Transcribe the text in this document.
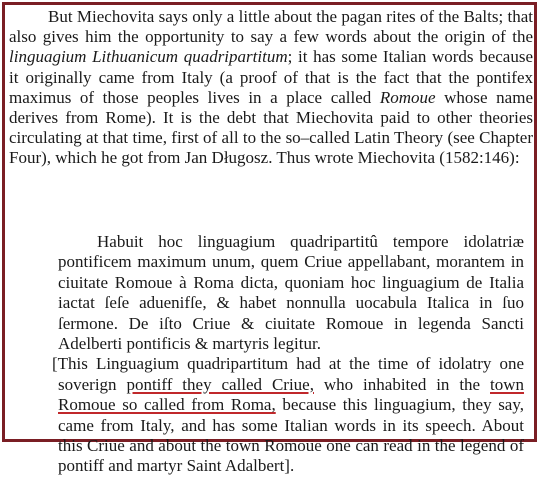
But Miechovita says only a little about the pagan rites of the Balts; that also gives him the opportunity to say a few words about the origin of the linguagium Lithuanicum quadripartitum; it has some Italian words because it originally came from Italy (a proof of that is the fact that the pontifex maximus of those peoples lives in a place called Romoue whose name derives from Rome). It is the debt that Miechovita paid to other theories circulating at that time, first of all to the so–called Latin Theory (see Chapter Four), which he got from Jan Długosz. Thus wrote Miechovita (1582:146):

Habuit hoc linguagium quadripartitû tempore idolatriæ pontificem maximum unum, quem Criue appellabant, morantem in ciuitate Romoue à Roma dicta, quoniam hoc linguagium de Italia iactat ſeſe aduenifſe, & habet nonnulla uocabula Italica in ſuo ſermone. De iſto Criue & ciuitate Romoue in legenda Sancti Adelberti pontificis & martyris legitur.

[This Linguagium quadripartitum had at the time of idolatry one soverign pontiff they called Criue, who inhabited in the town Romoue so called from Roma, because this linguagium, they say, came from Italy, and has some Italian words in its speech. About this Criue and about the town Romoue one can read in the legend of pontiff and martyr Saint Adalbert].
